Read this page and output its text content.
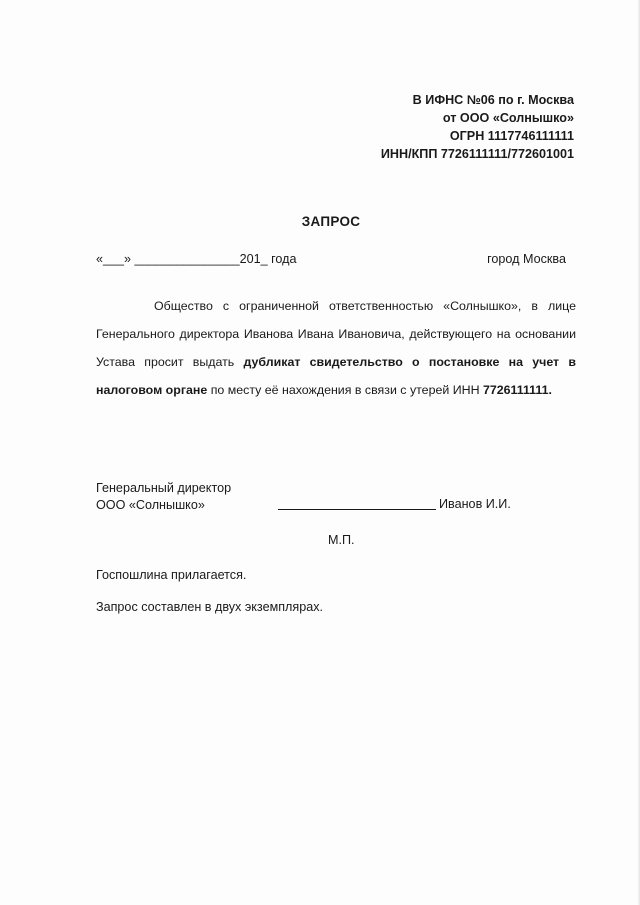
В ИФНС №06 по г. Москва
от ООО «Солнышко»
ОГРН 1117746111111
ИНН/КПП 7726111111/772601001
ЗАПРОС
«___» _______________201_ года	город Москва
Общество с ограниченной ответственностью «Солнышко», в лице Генерального директора Иванова Ивана Ивановича, действующего на основании Устава просит выдать дубликат свидетельство о постановке на учет в налоговом органе по месту её нахождения в связи с утерей ИНН 7726111111.
Генеральный директор
ООО «Солнышко»	Иванов И.И.
М.П.
Госпошлина прилагается.
Запрос составлен в двух экземплярах.
